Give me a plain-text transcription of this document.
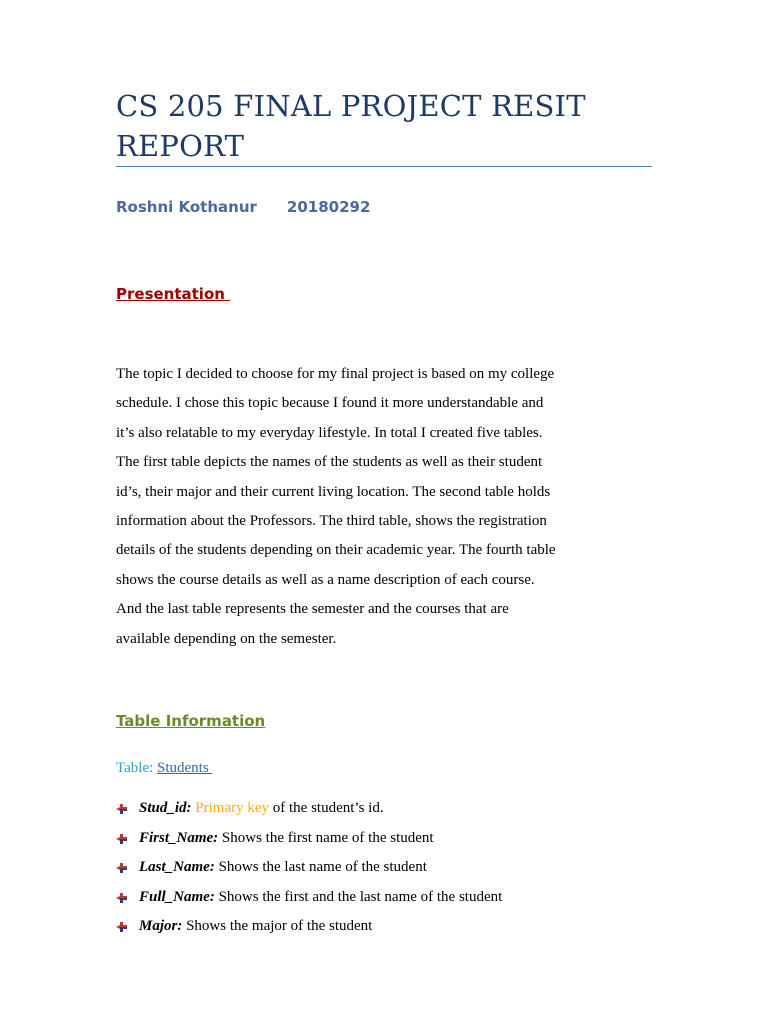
CS 205 FINAL PROJECT RESIT REPORT
Roshni Kothanur 20180292
Presentation

The topic I decided to choose for my final project is based on my college
schedule. I chose this topic because I found it more understandable and
it’s also relatable to my everyday lifestyle. In total I created five tables.
The first table depicts the names of the students as well as their student
id’s, their major and their current living location. The second table holds
information about the Professors. The third table, shows the registration
details of the students depending on their academic year. The fourth table
shows the course details as well as a name description of each course.
And the last table represents the semester and the courses that are
available depending on the semester.

Table Information
Table: Students
Stud_id: Primary key of the student’s id.
First_Name: Shows the first name of the student
Last_Name: Shows the last name of the student
Full_Name: Shows the first and the last name of the student
Major: Shows the major of the student
